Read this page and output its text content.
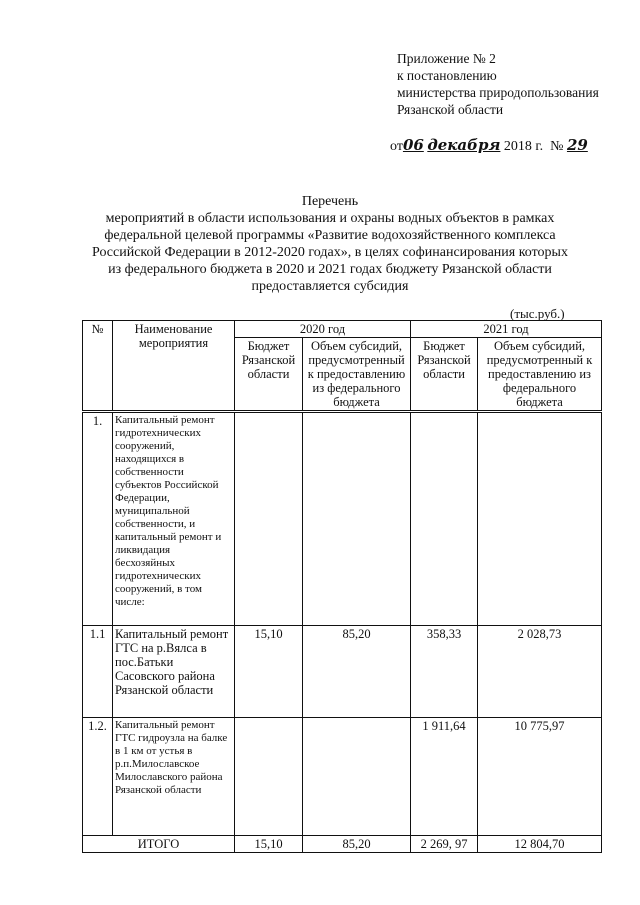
Приложение № 2
к постановлению
министерства природопользования
Рязанской области
от06 декабря 2018 г. № 29
Перечень
мероприятий в области использования и охраны водных объектов в рамках
федеральной целевой программы «Развитие водохозяйственного комплекса
Российской Федерации в 2012-2020 годах», в целях софинансирования которых
из федерального бюджета в 2020 и 2021 годах бюджету Рязанской области
предоставляется субсидия
(тыс.руб.)
№	Наименование мероприятия	2020 год		2021 год	
		Бюджет Рязанской области	Объем субсидий, предусмотренный к предоставлению из федерального бюджета	Бюджет Рязанской области	Объем субсидий, предусмотренный к предоставлению из федерального бюджета
1.	Капитальный ремонт гидротехнических сооружений, находящихся в собственности субъектов Российской Федерации, муниципальной собственности, и капитальный ремонт и ликвидация бесхозяйных гидротехнических сооружений, в том числе:				
1.1	Капитальный ремонт ГТС на р.Вялса в пос.Батьки Сасовского района Рязанской области	15,10	85,20	358,33	2 028,73
1.2.	Капитальный ремонт ГТС гидроузла на балке в 1 км от устья в р.п.Милославское Милославского района Рязанской области			1 911,64	10 775,97
ИТОГО		15,10	85,20	2 269, 97	12 804,70
